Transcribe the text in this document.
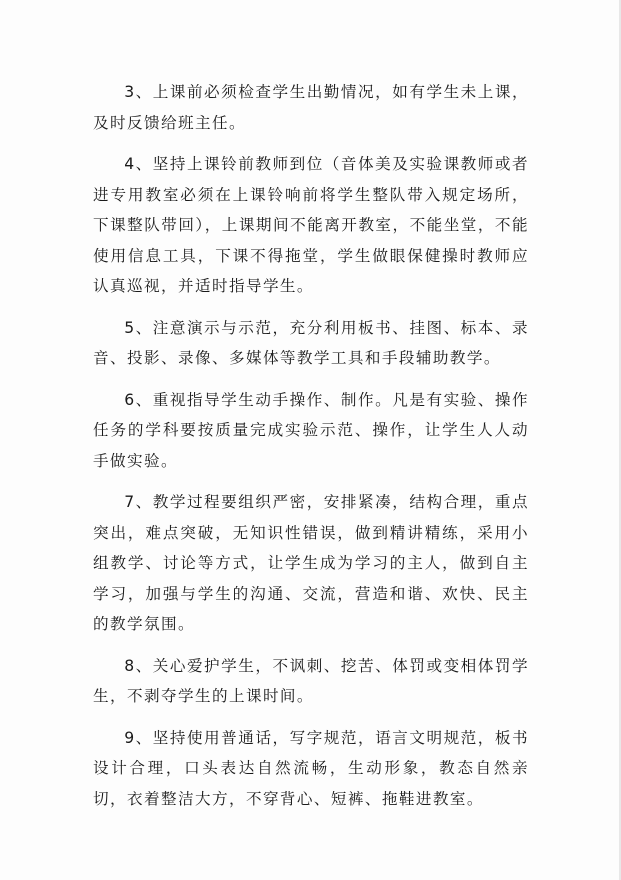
3、上课前必须检查学生出勤情况，如有学生未上课，及时反馈给班主任。

4、坚持上课铃前教师到位（音体美及实验课教师或者进专用教室必须在上课铃响前将学生整队带入规定场所，下课整队带回），上课期间不能离开教室，不能坐堂，不能使用信息工具，下课不得拖堂，学生做眼保健操时教师应认真巡视，并适时指导学生。

5、注意演示与示范，充分利用板书、挂图、标本、录音、投影、录像、多媒体等教学工具和手段辅助教学。

6、重视指导学生动手操作、制作。凡是有实验、操作任务的学科要按质量完成实验示范、操作，让学生人人动手做实验。

7、教学过程要组织严密，安排紧凑，结构合理，重点突出，难点突破，无知识性错误，做到精讲精练，采用小组教学、讨论等方式，让学生成为学习的主人，做到自主学习，加强与学生的沟通、交流，营造和谐、欢快、民主的教学氛围。

8、关心爱护学生，不讽刺、挖苦、体罚或变相体罚学生，不剥夺学生的上课时间。

9、坚持使用普通话，写字规范，语言文明规范，板书设计合理，口头表达自然流畅，生动形象，教态自然亲切，衣着整洁大方，不穿背心、短裤、拖鞋进教室。
